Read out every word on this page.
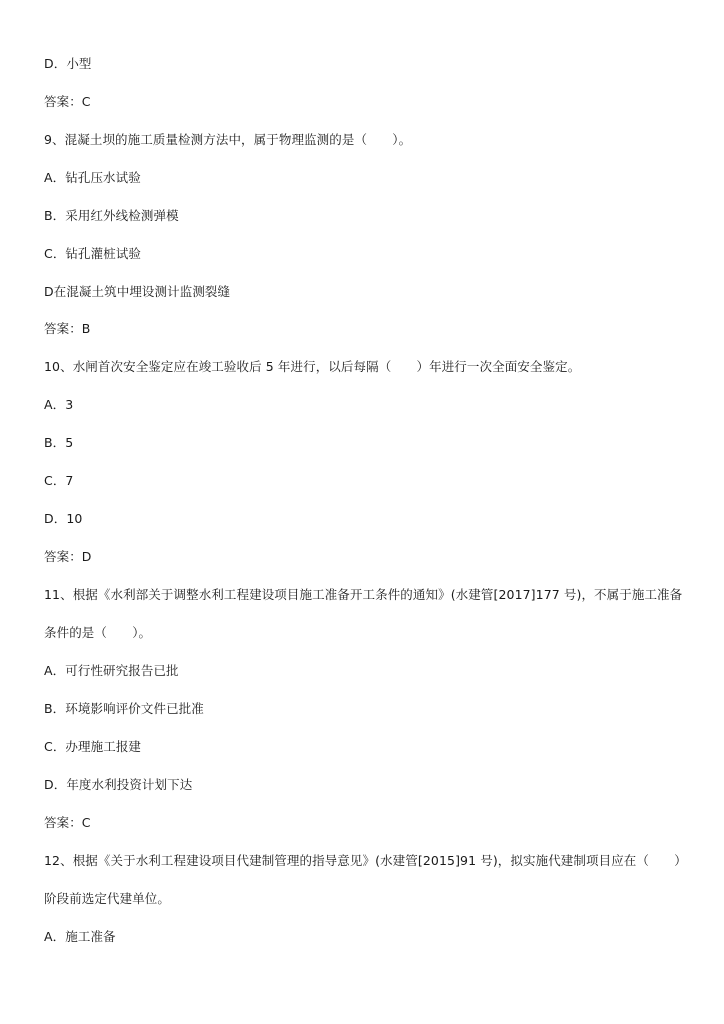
D．小型
答案：C
9、混凝土坝的施工质量检测方法中，属于物理监测的是（　　）。
A．钻孔压水试验
B．采用红外线检测弹模
C．钻孔灌桩试验
D在混凝土筑中埋设测计监测裂缝
答案：B
10、水闸首次安全鉴定应在竣工验收后 5 年进行，以后每隔（　　）年进行一次全面安全鉴定。
A．3
B．5
C．7
D．10
答案：D
11、根据《水利部关于调整水利工程建设项目施工准备开工条件的通知》(水建管[2017]177 号)，不属于施工准备
条件的是（　　）。
A．可行性研究报告已批
B．环境影响评价文件已批准
C．办理施工报建
D．年度水利投资计划下达
答案：C
12、根据《关于水利工程建设项目代建制管理的指导意见》(水建管[2015]91 号)，拟实施代建制项目应在（　　）
阶段前选定代建单位。
A．施工准备
